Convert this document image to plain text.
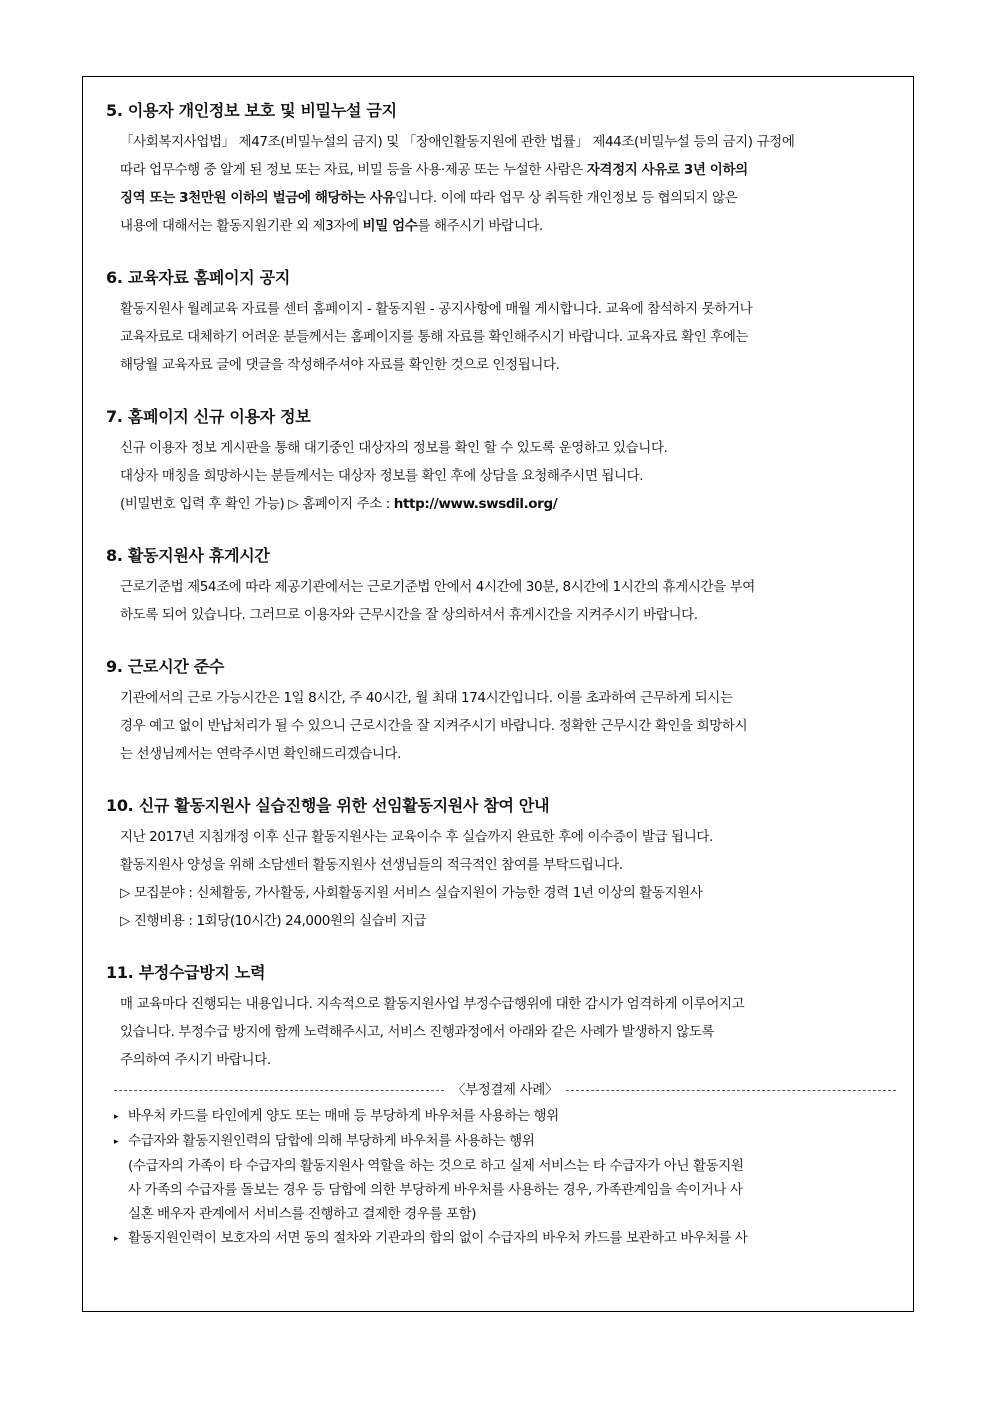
5. 이용자 개인정보 보호 및 비밀누설 금지
「사회복지사업법」 제47조(비밀누설의 금지) 및 「장애인활동지원에 관한 법률」 제44조(비밀누설 등의 금지) 규정에
따라 업무수행 중 알게 된 정보 또는 자료, 비밀 등을 사용·제공 또는 누설한 사람은 자격정지 사유로 3년 이하의
징역 또는 3천만원 이하의 벌금에 해당하는 사유입니다. 이에 따라 업무 상 취득한 개인정보 등 협의되지 않은
내용에 대해서는 활동지원기관 외 제3자에 비밀 엄수를 해주시기 바랍니다.
6. 교육자료 홈페이지 공지
활동지원사 월례교육 자료를 센터 홈페이지 - 활동지원 - 공지사항에 매월 게시합니다. 교육에 참석하지 못하거나
교육자료로 대체하기 어려운 분들께서는 홈페이지를 통해 자료를 확인해주시기 바랍니다. 교육자료 확인 후에는
해당월 교육자료 글에 댓글을 작성해주셔야 자료를 확인한 것으로 인정됩니다.
7. 홈페이지 신규 이용자 정보
신규 이용자 정보 게시판을 통해 대기중인 대상자의 정보를 확인 할 수 있도록 운영하고 있습니다.
대상자 매칭을 희망하시는 분들께서는 대상자 정보를 확인 후에 상담을 요청해주시면 됩니다.
(비밀번호 입력 후 확인 가능) ▷ 홈페이지 주소 : http://www.swsdil.org/
8. 활동지원사 휴게시간
근로기준법 제54조에 따라 제공기관에서는 근로기준법 안에서 4시간에 30분, 8시간에 1시간의 휴게시간을 부여
하도록 되어 있습니다. 그러므로 이용자와 근무시간을 잘 상의하셔서 휴게시간을 지켜주시기 바랍니다.
9. 근로시간 준수
기관에서의 근로 가능시간은 1일 8시간, 주 40시간, 월 최대 174시간입니다. 이를 초과하여 근무하게 되시는
경우 예고 없이 반납처리가 될 수 있으니 근로시간을 잘 지켜주시기 바랍니다. 정확한 근무시간 확인을 희망하시
는 선생님께서는 연락주시면 확인해드리겠습니다.
10. 신규 활동지원사 실습진행을 위한 선임활동지원사 참여 안내
지난 2017년 지침개정 이후 신규 활동지원사는 교육이수 후 실습까지 완료한 후에 이수증이 발급 됩니다.
활동지원사 양성을 위해 소담센터 활동지원사 선생님들의 적극적인 참여를 부탁드립니다.
▷ 모집분야 : 신체활동, 가사활동, 사회활동지원 서비스 실습지원이 가능한 경력 1년 이상의 활동지원사
▷ 진행비용 : 1회당(10시간) 24,000원의 실습비 지급
11. 부정수급방지 노력
매 교육마다 진행되는 내용입니다. 지속적으로 활동지원사업 부정수급행위에 대한 감시가 엄격하게 이루어지고
있습니다. 부정수급 방지에 함께 노력해주시고, 서비스 진행과정에서 아래와 같은 사례가 발생하지 않도록
주의하여 주시기 바랍니다.
〈부정결제 사례〉
▸ 바우처 카드를 타인에게 양도 또는 매매 등 부당하게 바우처를 사용하는 행위
▸ 수급자와 활동지원인력의 담합에 의해 부당하게 바우처를 사용하는 행위
(수급자의 가족이 타 수급자의 활동지원사 역할을 하는 것으로 하고 실제 서비스는 타 수급자가 아닌 활동지원
사 가족의 수급자를 돌보는 경우 등 담합에 의한 부당하게 바우처를 사용하는 경우, 가족관계임을 속이거나 사
실혼 배우자 관계에서 서비스를 진행하고 결제한 경우를 포함)
▸ 활동지원인력이 보호자의 서면 동의 절차와 기관과의 합의 없이 수급자의 바우처 카드를 보관하고 바우처를 사
